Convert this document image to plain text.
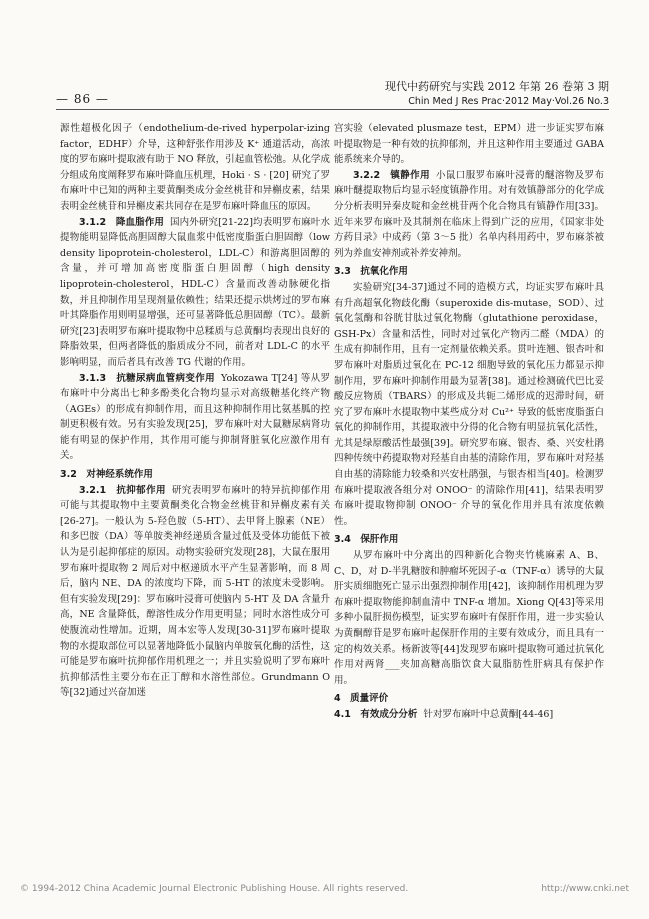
— 86 —
现代中药研究与实践 2012 年第 26 卷第 3 期
Chin Med J Res Prac·2012 May·Vol.26 No.3

源性超极化因子（endothelium-de-rived hyperpolar-izing factor，EDHF）介导，这种舒张作用涉及 K⁺ 通道活动，高浓度的罗布麻叶提取液有助于 NO 释放，引起血管松弛。从化学成分组成角度阐释罗布麻叶降血压机理，Hoki · S · [20] 研究了罗布麻叶中已知的两种主要黄酮类成分金丝桃苷和异槲皮素，结果表明金丝桃苷和异槲皮素共同存在是罗布麻叶降血压的原因。

3.1.2　 降血脂作用 国内外研究[21-22]均表明罗布麻叶水提物能明显降低高胆固醇大鼠血浆中低密度脂蛋白胆固醇（low density lipoprotein-cholesterol，LDL-C）和游离胆固醇的含量，并可增加高密度脂蛋白胆固醇（high density lipoprotein-cholesterol，HDL-C）含量而改善动脉硬化指数，并且抑制作用呈现剂量依赖性；结果还提示烘烤过的罗布麻叶其降脂作用则明显增强，还可显著降低总胆固醇（TC）。最新研究[23]表明罗布麻叶提取物中总糅质与总黄酮均表现出良好的降脂效果，但两者降低的脂质成分不同，前者对 LDL-C 的水平影响明显，而后者具有改善 TG 代谢的作用。

3.1.3　 抗糖尿病血管病变作用 Yokozawa T[24] 等从罗布麻叶中分离出七种多酚类化合物均显示对高级糖基化终产物（AGEs）的形成有抑制作用，而且这种抑制作用比氨基胍的控制更积极有效。另有实验发现[25]，罗布麻叶对大鼠糖尿病肾功能有明显的保护作用，其作用可能与抑制肾脏氧化应激作用有关。

3.2　对神经系统作用

3.2.1　 抗抑郁作用 研究表明罗布麻叶的特异抗抑郁作用可能与其提取物中主要黄酮类化合物金丝桃苷和异槲皮素有关[26-27]。一般认为 5-羟色胺（5-HT）、去甲肾上腺素（NE）和多巴胺（DA）等单胺类神经递质含量过低及受体功能低下被认为是引起抑郁症的原因。动物实验研究发现[28]，大鼠在服用罗布麻叶提取物 2 周后对中枢递质水平产生显著影响，而 8 周后，脑内 NE、DA 的浓度均下降，而 5-HT 的浓度未受影响。但有实验发现[29]：罗布麻叶浸膏可使脑内 5-HT 及 DA 含量升高，NE 含量降低，醇溶性成分作用更明显；同时水溶性成分可使腹流动性增加。近期，周本宏等人发现[30-31]罗布麻叶提取物的水提取部位可以显著地降低小鼠脑内单胺氧化酶的活性，这可能是罗布麻叶抗抑郁作用机理之一；并且实验说明了罗布麻叶抗抑郁活性主要分布在正丁醇和水溶性部位。Grundmann O 等[32]通过兴奋加迷

宫实验（elevated plusmaze test，EPM）进一步证实罗布麻叶提取物是一种有效的抗抑郁剂，并且这种作用主要通过 GABA 能系统来介导的。

3.2.2　 镇静作用 小鼠口服罗布麻叶浸膏的醚溶物及罗布麻叶醚提取物后均显示轻度镇静作用。对有效镇静部分的化学成分分析表明异秦皮啶和金丝桃苷两个化合物具有镇静作用[33]。近年来罗布麻叶及其制剂在临床上得到广泛的应用，《国家非处方药目录》中成药（第 3～5 批）名单内科用药中，罗布麻茶被列为养血安神剂或补养安神剂。

3.3　抗氧化作用

实验研究[34-37]通过不同的造模方式，均证实罗布麻叶具有升高超氧化物歧化酶（superoxide dis-mutase，SOD）、过氧化氢酶和谷胱甘肽过氧化物酶（glutathione peroxidase，GSH-Px）含量和活性，同时对过氧化产物丙二醛（MDA）的生成有抑制作用，且有一定剂量依赖关系。贯叶连翘、银杏叶和罗布麻叶对脂质过氧化在 PC-12 细胞导致的氧化压力都显示抑制作用，罗布麻叶抑制作用最为显著[38]。通过检测硫代巴比妥酸反应物质（TBARS）的形成及共轭二烯形成的迟滞时间，研究了罗布麻叶水提取物中某些成分对 Cu²⁺ 导致的低密度脂蛋白氧化的抑制作用，其提取液中分得的化合物有明显抗氧化活性，尤其是绿原酸活性最强[39]。研究罗布麻、银杏、桑、兴安杜鹃四种传统中药提取物对羟基自由基的清除作用，罗布麻叶对羟基自由基的清除能力较桑和兴安杜鹃强，与银杏相当[40]。检测罗布麻叶提取液各组分对 ONOO⁻ 的清除作用[41]，结果表明罗布麻叶提取物抑制 ONOO⁻ 介导的氧化作用并具有浓度依赖性。

3.4　保肝作用

从罗布麻叶中分离出的四种新化合物夹竹桃麻素 A、B、C、D，对 D-半乳糖胺和肿瘤坏死因子-α（TNF-α）诱导的大鼠肝实质细胞死亡显示出强烈抑制作用[42]，该抑制作用机理为罗布麻叶提取物能抑制血清中 TNF-α 增加。Xiong Q[43]等采用多种小鼠肝损伤模型，证实罗布麻叶有保肝作用，进一步实验认为黄酮醇苷是罗布麻叶起保肝作用的主要有效成分，而且具有一定的构效关系。杨新波等[44]发现罗布麻叶提取物可通过抗氧化作用对两肾___夹加高糖高脂饮食大鼠脂肪性肝病具有保护作用。

4　质量评价

4.1　 有效成分分析 针对罗布麻叶中总黄酮[44-46]

© 1994-2012 China Academic Journal Electronic Publishing House. All rights reserved.	http://www.cnki.net
